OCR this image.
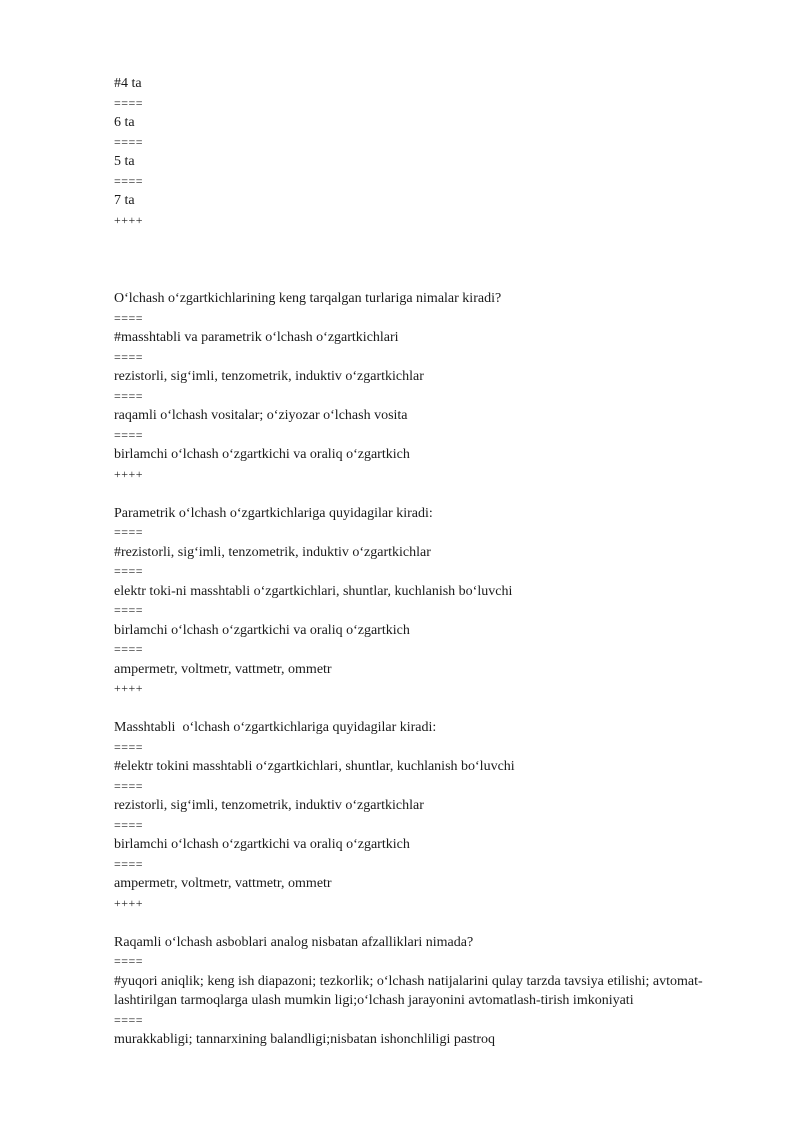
#4 ta
====
6 ta
====
5 ta
====
7 ta
++++
O‘lchash o‘zgartkichlarining keng tarqalgan turlariga nimalar kiradi?
====
#masshtabli va parametrik o‘lchash o‘zgartkichlari
====
rezistorli, sig‘imli, tenzometrik, induktiv o‘zgartkichlar
====
raqamli o‘lchash vositalar; o‘ziyozar o‘lchash vosita
====
birlamchi o‘lchash o‘zgartkichi va oraliq o‘zgartkich
++++
Parametrik o‘lchash o‘zgartkichlariga quyidagilar kiradi:
====
#rezistorli, sig‘imli, tenzometrik, induktiv o‘zgartkichlar
====
elektr toki-ni masshtabli o‘zgartkichlari, shuntlar, kuchlanish bo‘luvchi
====
birlamchi o‘lchash o‘zgartkichi va oraliq o‘zgartkich
====
ampermetr, voltmetr, vattmetr, ommetr
++++
Masshtabli  o‘lchash o‘zgartkichlariga quyidagilar kiradi:
====
#elektr tokini masshtabli o‘zgartkichlari, shuntlar, kuchlanish bo‘luvchi
====
rezistorli, sig‘imli, tenzometrik, induktiv o‘zgartkichlar
====
birlamchi o‘lchash o‘zgartkichi va oraliq o‘zgartkich
====
ampermetr, voltmetr, vattmetr, ommetr
++++
Raqamli o‘lchash asboblari analog nisbatan afzalliklari nimada?
====
#yuqori aniqlik; keng ish diapazoni; tezkorlik; o‘lchash natijalarini qulay tarzda tavsiya etilishi; avtomat-lashtirilgan tarmoqlarga ulash mumkin ligi;o‘lchash jarayonini avtomatlash-tirish imkoniyati
====
murakkabligi; tannarxining balandligi;nisbatan ishonchliligi pastroq
